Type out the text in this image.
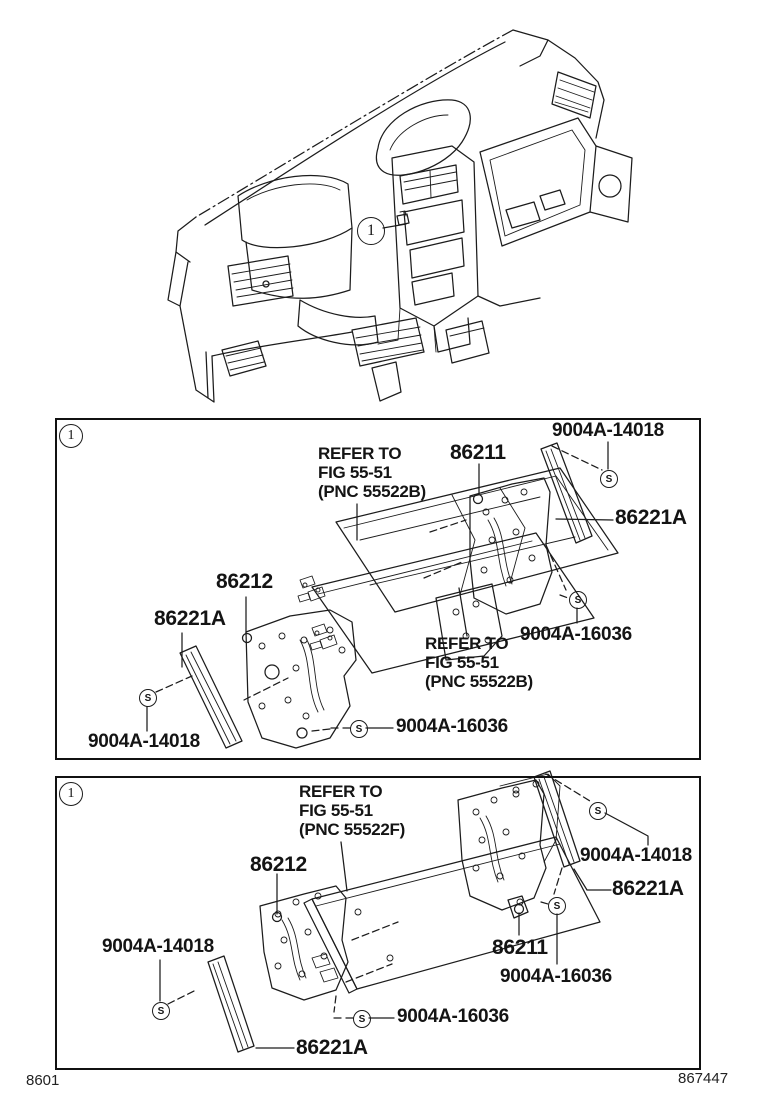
1
1
REFER TO
FIG 55-51
(PNC 55522B)
86211
9004A-14018
86221A
86212
86221A
REFER TO
FIG 55-51
(PNC 55522B)
9004A-16036
9004A-14018
9004A-16036
S
S
S
S
1	REFER TO
FIG 55-51
(PNC 55522F)
86212	9004A-14018
86221A
86211
9004A-16036
9004A-14018
9004A-16036
86221A
S
S
S
S
8601	867447
